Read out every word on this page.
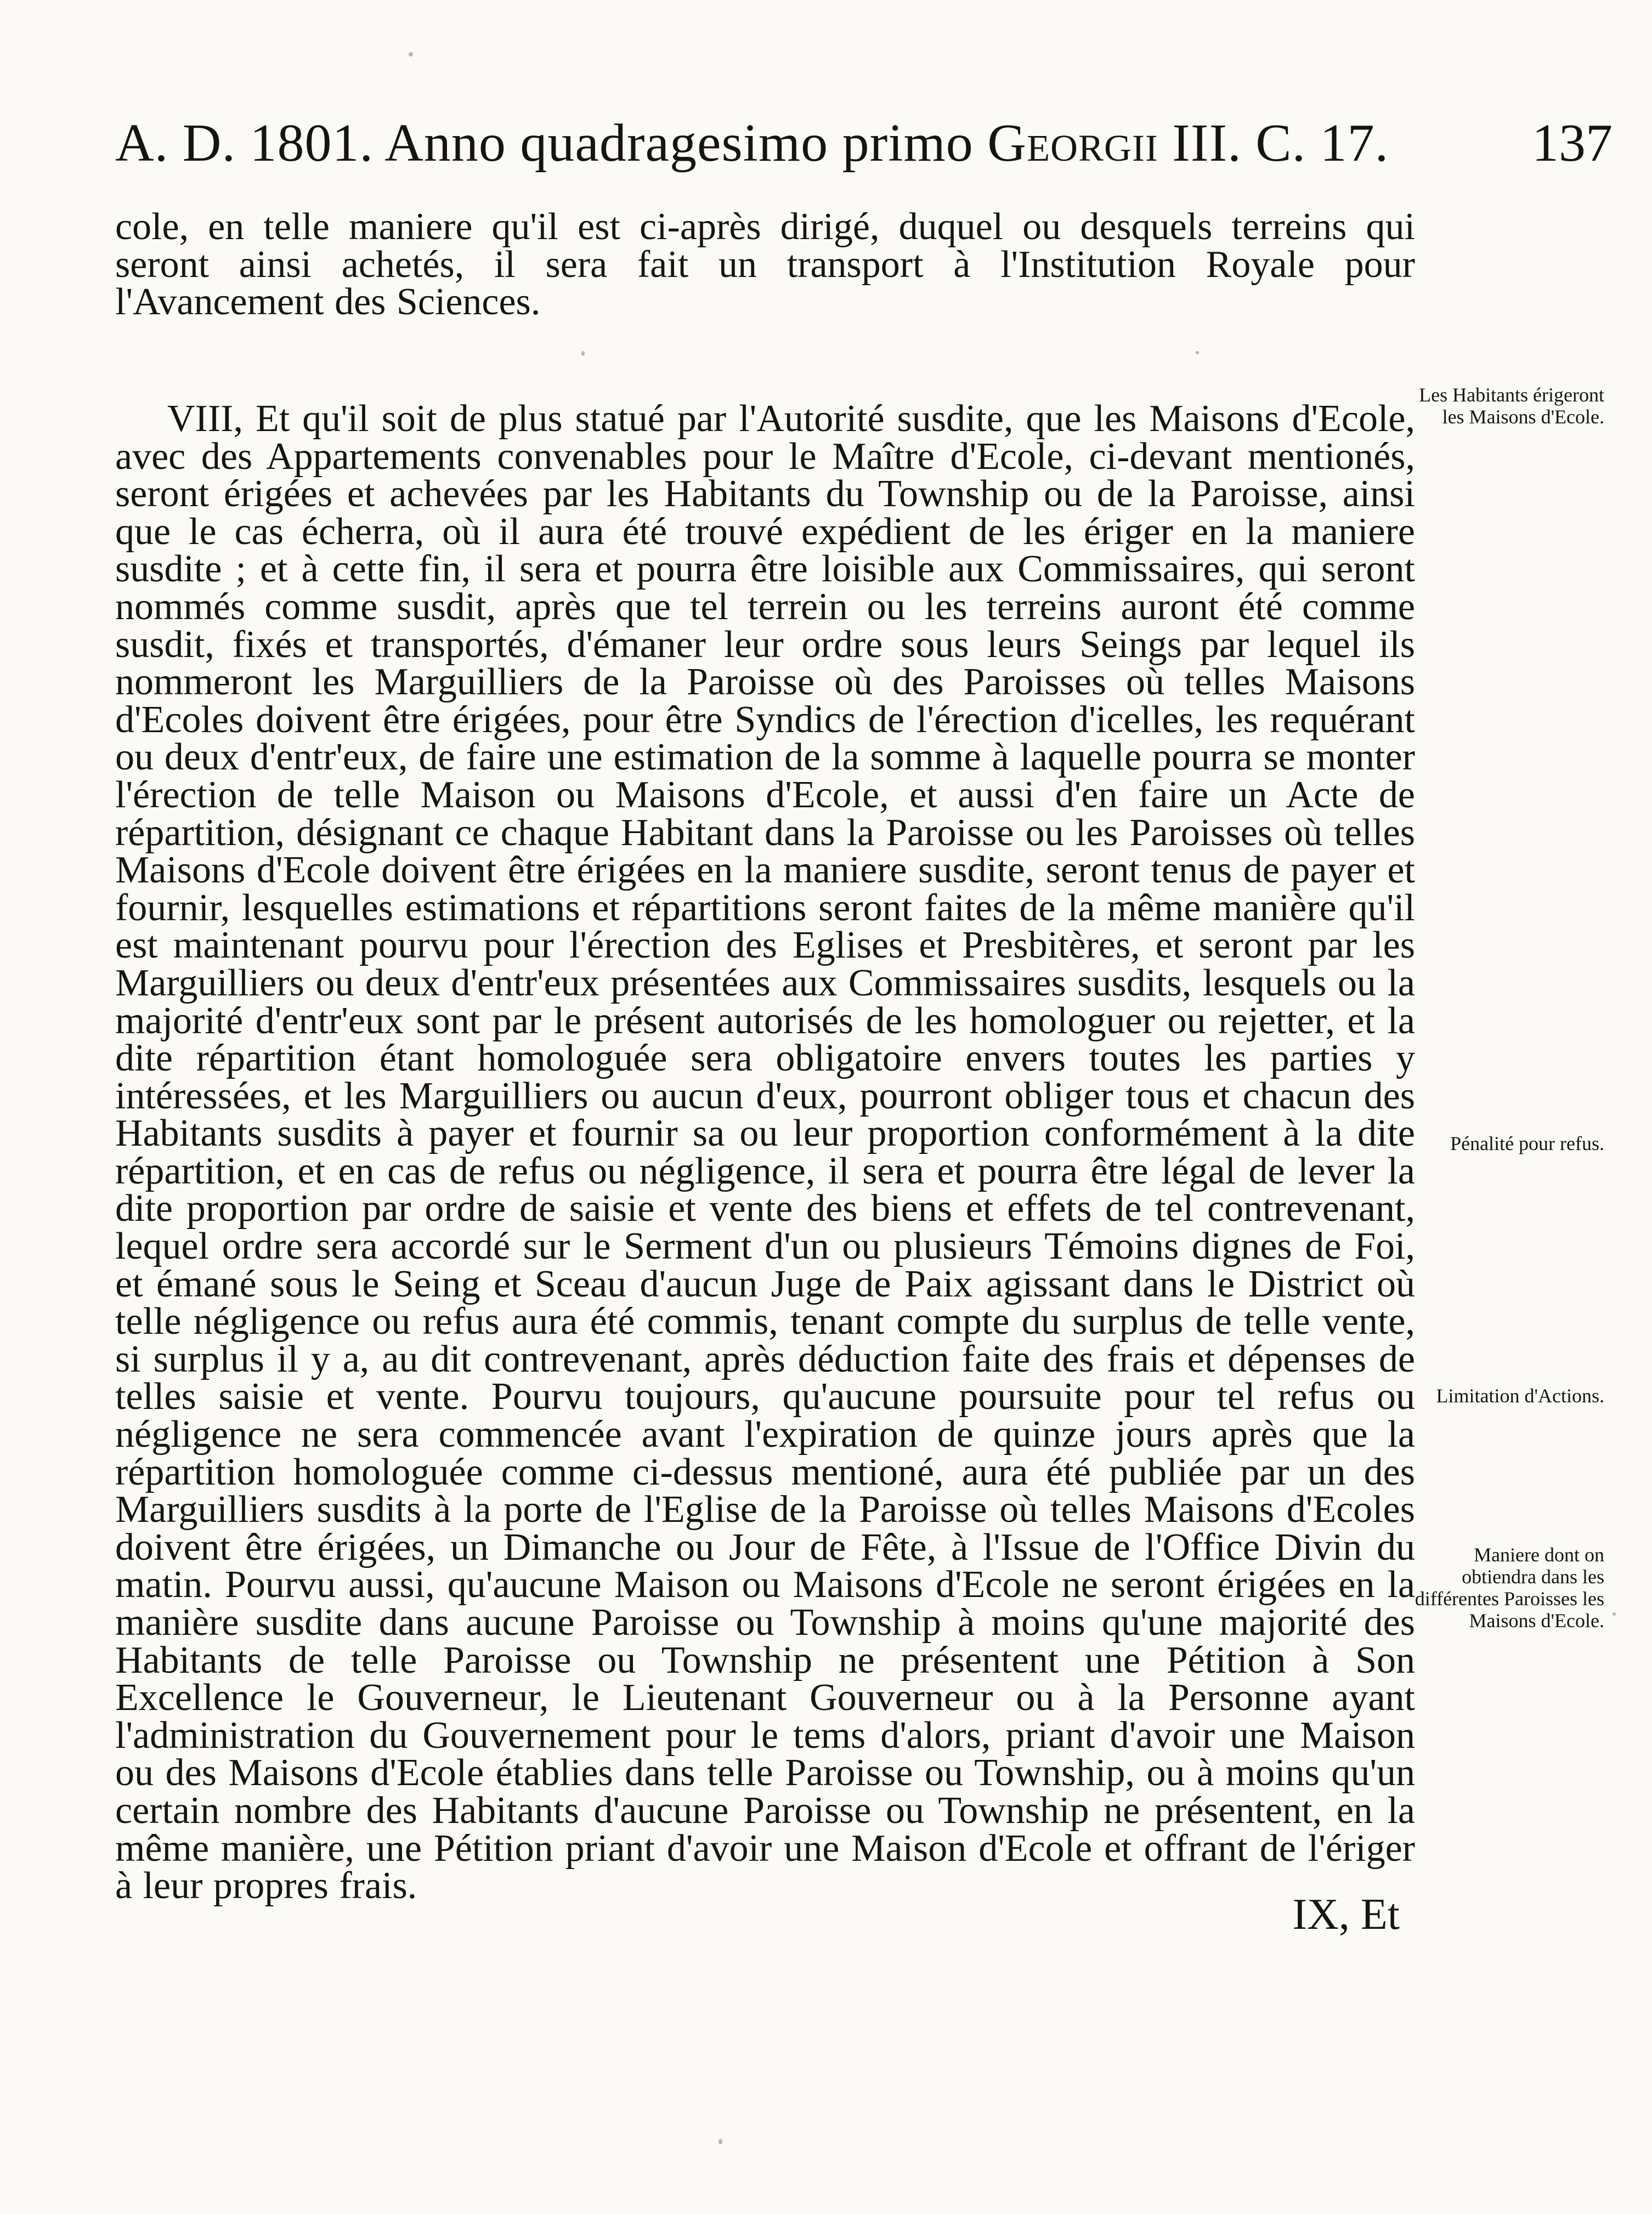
A. D. 1801. Anno quadragesimo primo Georgii III. C. 17.	137

cole, en telle maniere qu'il est ci-après dirigé, duquel ou desquels terreins qui seront ainsi achetés, il sera fait un transport à l'Institution Royale pour l'Avancement des Sciences.

VIII, Et qu'il soit de plus statué par l'Autorité susdite, que les Maisons d'Ecole, avec des Appartements convenables pour le Maître d'Ecole, ci-devant mentionés, seront érigées et achevées par les Habitants du Township ou de la Paroisse, ainsi que le cas écherra, où il aura été trouvé expédient de les ériger en la maniere susdite ; et à cette fin, il sera et pourra être loisible aux Commissaires, qui seront nommés comme susdit, après que tel terrein ou les terreins auront été comme susdit, fixés et transportés, d'émaner leur ordre sous leurs Seings par lequel ils nommeront les Marguilliers de la Paroisse où des Paroisses où telles Maisons d'Ecoles doivent être érigées, pour être Syndics de l'érection d'icelles, les requérant ou deux d'entr'eux, de faire une estimation de la somme à laquelle pourra se monter l'érection de telle Maison ou Maisons d'Ecole, et aussi d'en faire un Acte de répartition, désignant ce chaque Habitant dans la Paroisse ou les Paroisses où telles Maisons d'Ecole doivent être érigées en la maniere susdite, seront tenus de payer et fournir, lesquelles estimations et répartitions seront faites de la même manière qu'il est maintenant pourvu pour l'érection des Eglises et Presbitères, et seront par les Marguilliers ou deux d'entr'eux présentées aux Commissaires susdits, lesquels ou la majorité d'entr'eux sont par le présent autorisés de les homologuer ou rejetter, et la dite répartition étant homologuée sera obligatoire envers toutes les parties y intéressées, et les Marguilliers ou aucun d'eux, pourront obliger tous et chacun des Habitants susdits à payer et fournir sa ou leur proportion conformément à la dite répartition, et en cas de refus ou négligence, il sera et pourra être légal de lever la dite proportion par ordre de saisie et vente des biens et effets de tel contrevenant, lequel ordre sera accordé sur le Serment d'un ou plusieurs Témoins dignes de Foi, et émané sous le Seing et Sceau d'aucun Juge de Paix agissant dans le District où telle négligence ou refus aura été commis, tenant compte du surplus de telle vente, si surplus il y a, au dit contrevenant, après déduction faite des frais et dépenses de telles saisie et vente. Pourvu toujours, qu'aucune poursuite pour tel refus ou négligence ne sera commencée avant l'expiration de quinze jours après que la répartition homologuée comme ci-dessus mentioné, aura été publiée par un des Marguilliers susdits à la porte de l'Eglise de la Paroisse où telles Maisons d'Ecoles doivent être érigées, un Dimanche ou Jour de Fête, à l'Issue de l'Office Divin du matin. Pourvu aussi, qu'aucune Maison ou Maisons d'Ecole ne seront érigées en la manière susdite dans aucune Paroisse ou Township à moins qu'une majorité des Habitants de telle Paroisse ou Township ne présentent une Pétition à Son Excellence le Gouverneur, le Lieutenant Gouverneur ou à la Personne ayant l'administration du Gouvernement pour le tems d'alors, priant d'avoir une Maison ou des Maisons d'Ecole établies dans telle Paroisse ou Township, ou à moins qu'un certain nombre des Habitants d'aucune Paroisse ou Township ne présentent, en la même manière, une Pétition priant d'avoir une Maison d'Ecole et offrant de l'ériger à leur propres frais.

Les Habitants érigeront les Maisons d'Ecole.

Pénalité pour refus.

Limitation d'Actions.

Maniere dont on obtiendra dans les différentes Paroisses les Maisons d'Ecole.

IX, Et
